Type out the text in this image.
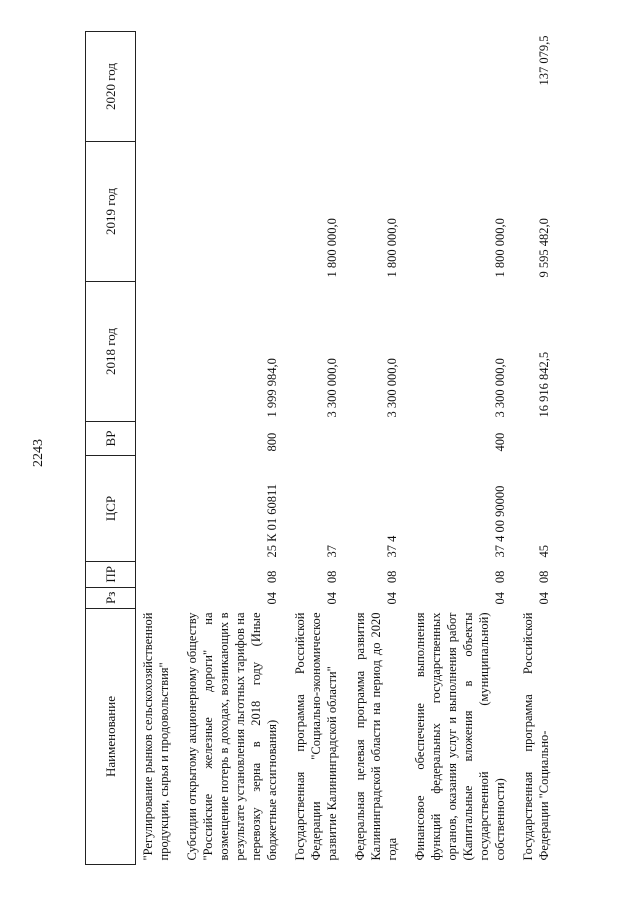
2243
Наименование	Рз	ПР	ЦСР	ВР	2018 год	2019 год	2020 год
"Регулирование рынков сельскохозяйственной продукции, сырья и продовольствия"							
Субсидии открытому акционерному обществу "Российские железные дороги" на возмещение потерь в доходах, возникающих в результате установления льготных тарифов на перевозку зерна в 2018 году (Иные бюджетные ассигнования)	04	08	25 К 01 60811	800	1 999 984,0		
Государственная программа Российской Федерации "Социально-экономическое развитие Калининградской области"	04	08	37		3 300 000,0	1 800 000,0	
Федеральная целевая программа развития Калининградской области на период до 2020 года	04	08	37 4		3 300 000,0	1 800 000,0	
Финансовое обеспечение выполнения функций федеральных государственных органов, оказания услуг и выполнения работ (Капитальные вложения в объекты государственной (муниципальной) собственности)	04	08	37 4 00 90000	400	3 300 000,0	1 800 000,0	
Государственная программа Российской Федерации "Социально-	04	08	45		16 916 842,5	9 595 482,0	137 079,5
